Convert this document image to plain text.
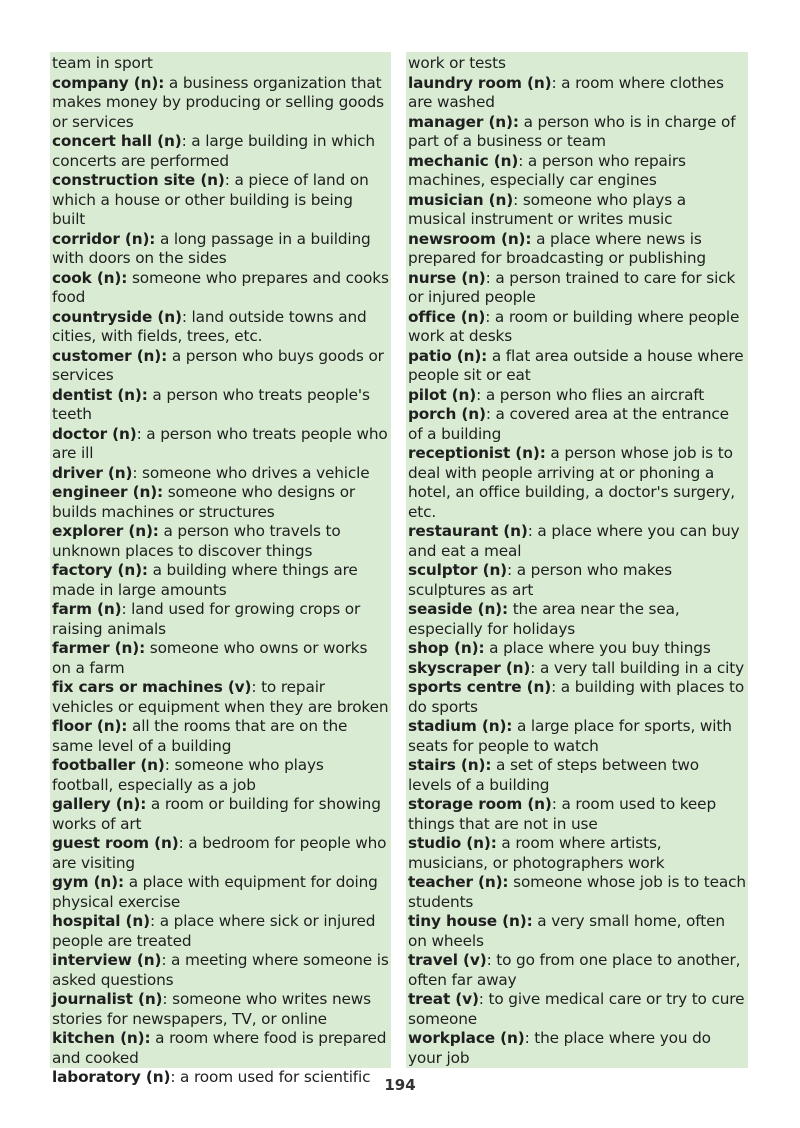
team in sport

company (n): a business organization that makes money by producing or selling goods or services

concert hall (n): a large building in which concerts are performed

construction site (n): a piece of land on which a house or other building is being built

corridor (n): a long passage in a building with doors on the sides

cook (n): someone who prepares and cooks food

countryside (n): land outside towns and cities, with fields, trees, etc.

customer (n): a person who buys goods or services

dentist (n): a person who treats people's teeth

doctor (n): a person who treats people who are ill

driver (n): someone who drives a vehicle

engineer (n): someone who designs or builds machines or structures

explorer (n): a person who travels to unknown places to discover things

factory (n): a building where things are made in large amounts

farm (n): land used for growing crops or raising animals

farmer (n): someone who owns or works on a farm

fix cars or machines (v): to repair vehicles or equipment when they are broken

floor (n): all the rooms that are on the same level of a building

footballer (n): someone who plays football, especially as a job

gallery (n): a room or building for showing works of art

guest room (n): a bedroom for people who are visiting

gym (n): a place with equipment for doing physical exercise

hospital (n): a place where sick or injured people are treated

interview (n): a meeting where someone is asked questions

journalist (n): someone who writes news stories for newspapers, TV, or online

kitchen (n): a room where food is prepared and cooked

laboratory (n): a room used for scientific

work or tests

laundry room (n): a room where clothes are washed

manager (n): a person who is in charge of part of a business or team

mechanic (n): a person who repairs machines, especially car engines

musician (n): someone who plays a musical instrument or writes music

newsroom (n): a place where news is prepared for broadcasting or publishing

nurse (n): a person trained to care for sick or injured people

office (n): a room or building where people work at desks

patio (n): a flat area outside a house where people sit or eat

pilot (n): a person who flies an aircraft

porch (n): a covered area at the entrance of a building

receptionist (n): a person whose job is to deal with people arriving at or phoning a hotel, an office building, a doctor's surgery, etc.

restaurant (n): a place where you can buy and eat a meal

sculptor (n): a person who makes sculptures as art

seaside (n): the area near the sea, especially for holidays

shop (n): a place where you buy things

skyscraper (n): a very tall building in a city

sports centre (n): a building with places to do sports

stadium (n): a large place for sports, with seats for people to watch

stairs (n): a set of steps between two levels of a building

storage room (n): a room used to keep things that are not in use

studio (n): a room where artists, musicians, or photographers work

teacher (n): someone whose job is to teach students

tiny house (n): a very small home, often on wheels

travel (v): to go from one place to another, often far away

treat (v): to give medical care or try to cure someone

workplace (n): the place where you do your job

194
